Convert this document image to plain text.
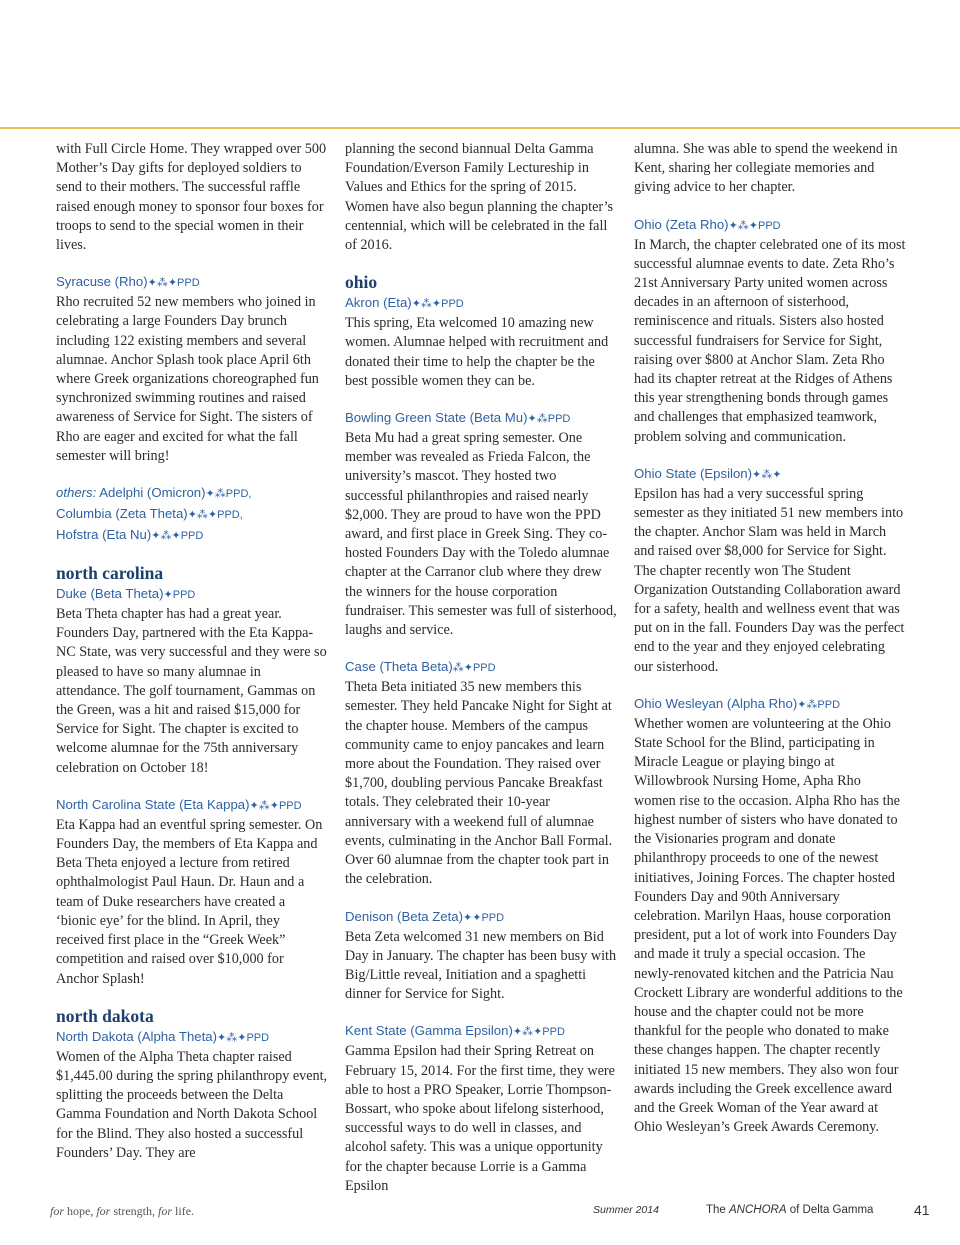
with Full Circle Home. They wrapped over 500 Mother’s Day gifts for deployed soldiers to send to their mothers. The successful raffle raised enough money to sponsor four boxes for troops to send to the special women in their lives.

Syracuse (Rho)✦⁂✦PPD

Rho recruited 52 new members who joined in celebrating a large Founders Day brunch including 122 existing members and several alumnae. Anchor Splash took place April 6th where Greek organizations choreographed fun synchronized swimming routines and raised awareness of Service for Sight. The sisters of Rho are eager and excited for what the fall semester will bring!

others: Adelphi (Omicron)✦⁂PPD,
Columbia (Zeta Theta)✦⁂✦PPD,
Hofstra (Eta Nu)✦⁂✦PPD
north carolina
Duke (Beta Theta)✦PPD

Beta Theta chapter has had a great year. Founders Day, partnered with the Eta Kappa-NC State, was very successful and they were so pleased to have so many alumnae in attendance. The golf tournament, Gammas on the Green, was a hit and raised $15,000 for Service for Sight. The chapter is excited to welcome alumnae for the 75th anniversary celebration on October 18!

North Carolina State (Eta Kappa)✦⁂✦PPD

Eta Kappa had an eventful spring semester. On Founders Day, the members of Eta Kappa and Beta Theta enjoyed a lecture from retired ophthalmologist Paul Haun. Dr. Haun and a team of Duke researchers have created a ‘bionic eye’ for the blind. In April, they received first place in the “Greek Week” competition and raised over $10,000 for Anchor Splash!

north dakota
North Dakota (Alpha Theta)✦⁂✦PPD

Women of the Alpha Theta chapter raised $1,445.00 during the spring philanthropy event, splitting the proceeds between the Delta Gamma Foundation and North Dakota School for the Blind. They also hosted a successful Founders’ Day. They are

planning the second biannual Delta Gamma Foundation/Everson Family Lectureship in Values and Ethics for the spring of 2015. Women have also begun planning the chapter’s centennial, which will be celebrated in the fall of 2016.

ohio
Akron (Eta)✦⁂✦PPD

This spring, Eta welcomed 10 amazing new women. Alumnae helped with recruitment and donated their time to help the chapter be the best possible women they can be.

Bowling Green State (Beta Mu)✦⁂PPD

Beta Mu had a great spring semester. One member was revealed as Frieda Falcon, the university’s mascot. They hosted two successful philanthropies and raised nearly $2,000. They are proud to have won the PPD award, and first place in Greek Sing. They co-hosted Founders Day with the Toledo alumnae chapter at the Carranor club where they drew the winners for the house corporation fundraiser. This semester was full of sisterhood, laughs and service.

Case (Theta Beta)⁂✦PPD

Theta Beta initiated 35 new members this semester. They held Pancake Night for Sight at the chapter house. Members of the campus community came to enjoy pancakes and learn more about the Foundation. They raised over $1,700, doubling pervious Pancake Breakfast totals. They celebrated their 10-year anniversary with a weekend full of alumnae events, culminating in the Anchor Ball Formal. Over 60 alumnae from the chapter took part in the celebration.

Denison (Beta Zeta)✦✦PPD

Beta Zeta welcomed 31 new members on Bid Day in January. The chapter has been busy with Big/Little reveal, Initiation and a spaghetti dinner for Service for Sight.

Kent State (Gamma Epsilon)✦⁂✦PPD

Gamma Epsilon had their Spring Retreat on February 15, 2014. For the first time, they were able to host a PRO Speaker, Lorrie Thompson-Bossart, who spoke about lifelong sisterhood, successful ways to do well in classes, and alcohol safety. This was a unique opportunity for the chapter because Lorrie is a Gamma Epsilon

alumna. She was able to spend the weekend in Kent, sharing her collegiate memories and giving advice to her chapter.

Ohio (Zeta Rho)✦⁂✦PPD

In March, the chapter celebrated one of its most successful alumnae events to date. Zeta Rho’s 21st Anniversary Party united women across decades in an afternoon of sisterhood, reminiscence and rituals. Sisters also hosted successful fundraisers for Service for Sight, raising over $800 at Anchor Slam. Zeta Rho had its chapter retreat at the Ridges of Athens this year strengthening bonds through games and challenges that emphasized teamwork, problem solving and communication.

Ohio State (Epsilon)✦⁂✦

Epsilon has had a very successful spring semester as they initiated 51 new members into the chapter. Anchor Slam was held in March and raised over $8,000 for Service for Sight. The chapter recently won The Student Organization Outstanding Collaboration award for a safety, health and wellness event that was put on in the fall. Founders Day was the perfect end to the year and they enjoyed celebrating our sisterhood.

Ohio Wesleyan (Alpha Rho)✦⁂PPD

Whether women are volunteering at the Ohio State School for the Blind, participating in Miracle League or playing bingo at Willowbrook Nursing Home, Apha Rho women rise to the occasion. Alpha Rho has the highest number of sisters who have donated to the Visionaries program and donate philanthropy proceeds to one of the newest initiatives, Joining Forces. The chapter hosted Founders Day and 90th Anniversary celebration. Marilyn Haas, house corporation president, put a lot of work into Founders Day and made it truly a special occasion. The newly-renovated kitchen and the Patricia Nau Crockett Library are wonderful additions to the house and the chapter could not be more thankful for the people who donated to make these changes happen. The chapter recently initiated 15 new members. They also won four awards including the Greek excellence award and the Greek Woman of the Year award at Ohio Wesleyan’s Greek Awards Ceremony.

for hope, for strength, for life.	Summer 2014	The ANCHORA of Delta Gamma	41
